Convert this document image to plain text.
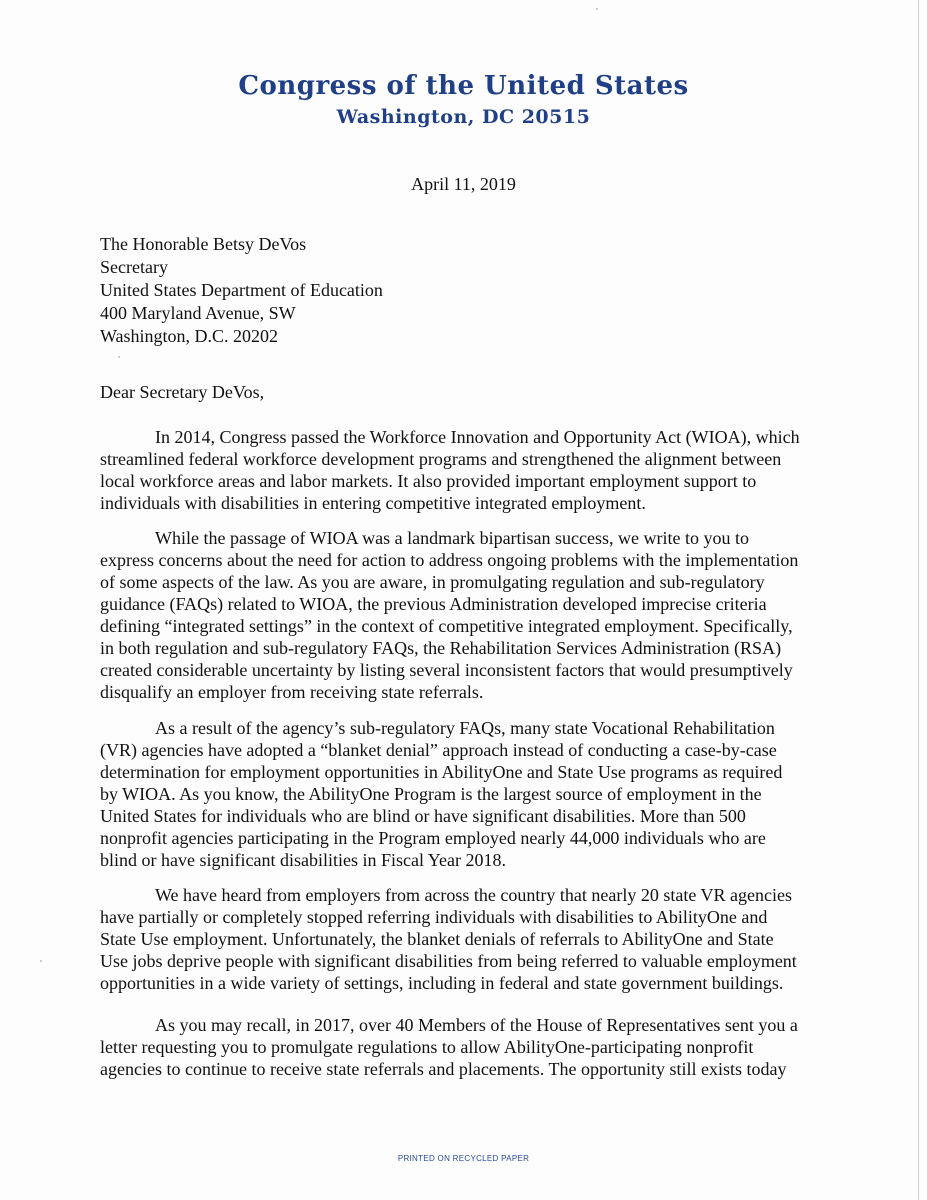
Congress of the United States
Washington, DC 20515
April 11, 2019
The Honorable Betsy DeVos
Secretary
United States Department of Education
400 Maryland Avenue, SW
Washington, D.C. 20202
Dear Secretary DeVos,

In 2014, Congress passed the Workforce Innovation and Opportunity Act (WIOA), which
streamlined federal workforce development programs and strengthened the alignment between
local workforce areas and labor markets. It also provided important employment support to
individuals with disabilities in entering competitive integrated employment.

While the passage of WIOA was a landmark bipartisan success, we write to you to
express concerns about the need for action to address ongoing problems with the implementation
of some aspects of the law. As you are aware, in promulgating regulation and sub-regulatory
guidance (FAQs) related to WIOA, the previous Administration developed imprecise criteria
defining “integrated settings” in the context of competitive integrated employment. Specifically,
in both regulation and sub-regulatory FAQs, the Rehabilitation Services Administration (RSA)
created considerable uncertainty by listing several inconsistent factors that would presumptively
disqualify an employer from receiving state referrals.

As a result of the agency’s sub-regulatory FAQs, many state Vocational Rehabilitation
(VR) agencies have adopted a “blanket denial” approach instead of conducting a case-by-case
determination for employment opportunities in AbilityOne and State Use programs as required
by WIOA. As you know, the AbilityOne Program is the largest source of employment in the
United States for individuals who are blind or have significant disabilities. More than 500
nonprofit agencies participating in the Program employed nearly 44,000 individuals who are
blind or have significant disabilities in Fiscal Year 2018.

We have heard from employers from across the country that nearly 20 state VR agencies
have partially or completely stopped referring individuals with disabilities to AbilityOne and
State Use employment. Unfortunately, the blanket denials of referrals to AbilityOne and State
Use jobs deprive people with significant disabilities from being referred to valuable employment
opportunities in a wide variety of settings, including in federal and state government buildings.

As you may recall, in 2017, over 40 Members of the House of Representatives sent you a
letter requesting you to promulgate regulations to allow AbilityOne-participating nonprofit
agencies to continue to receive state referrals and placements. The opportunity still exists today

PRINTED ON RECYCLED PAPER
